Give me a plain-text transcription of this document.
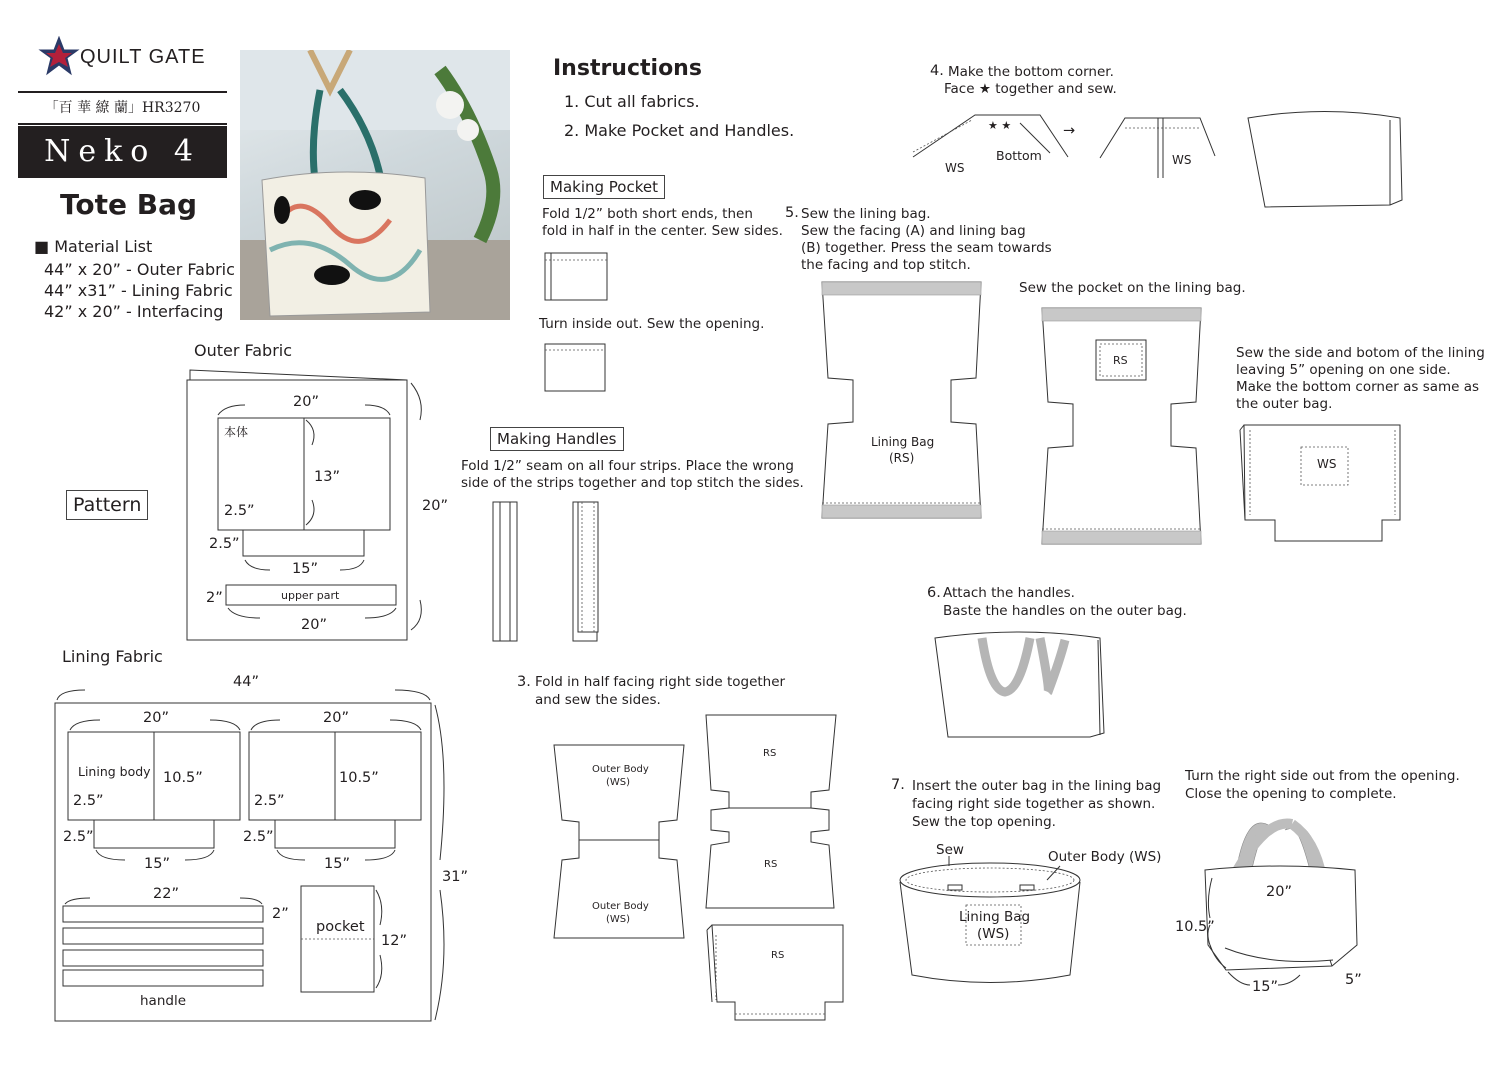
QUILT GATE
「百 華 繚 蘭」HR3270
Neko 4
Tote Bag
■ Material List
44” x 20” - Outer Fabric
44” x31” - Lining Fabric
42” x 20” - Interfacing
Pattern
Outer Fabric
本体
20”
13”
2.5”
2.5”
15”
20”
2”	upper part
20”
Lining Fabric
44”
31”
Lining body
20”	20”
10.5”	10.5”
2.5”	2.5”
2.5”	2.5”
15”	15”
22”
2”
handle
pocket
12”
Instructions
1. Cut all fabrics.
2. Make Pocket and Handles.
Making Pocket
Fold 1/2” both short ends, then
fold in half in the center. Sew sides.
Turn inside out. Sew the opening.
Making Handles
Fold 1/2” seam on all four strips. Place the wrong
side of the strips together and top stitch the sides.
3. Fold in half facing right side together
and sew the sides.
Outer Body
(WS)
Outer Body
(WS)
RS
RS
RS
4. Make the bottom corner.
Face ★ together and sew.
★ ★
WS
Bottom
→
WS
5. Sew the lining bag.
Sew the facing (A) and lining bag
(B) together. Press the seam towards
the facing and top stitch.
Lining Bag
(RS)
Sew the pocket on the lining bag.
RS	Sew the side and botom of the lining
leaving 5” opening on one side.
Make the bottom corner as same as
the outer bag.
WS
6. Attach the handles.
Baste the handles on the outer bag.
7. Insert the outer bag in the lining bag
facing right side together as shown.
Sew the top opening.
Sew	Outer Body (WS)
Lining Bag
(WS)
Turn the right side out from the opening.
Close the opening to complete.
20”
10.5”
15”	5”
